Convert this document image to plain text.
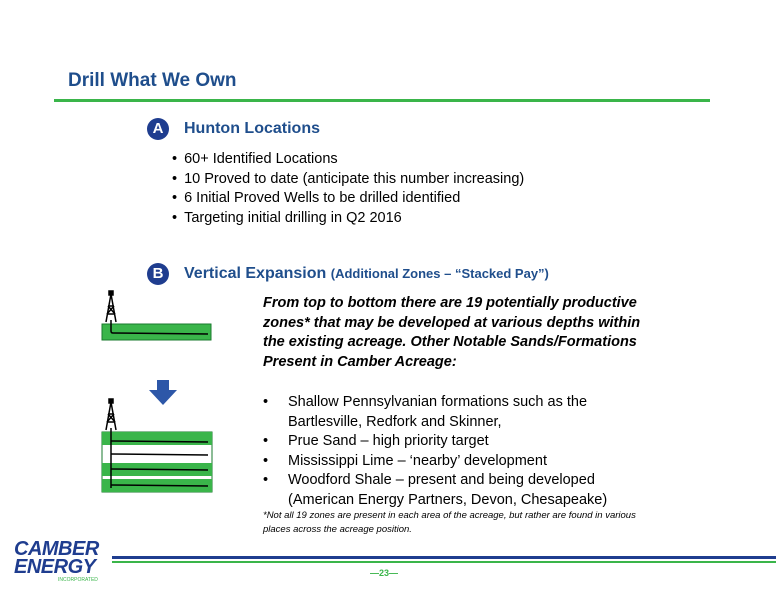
Drill What We Own
A	Hunton Locations
• 60+ Identified Locations
• 10 Proved to date (anticipate this number increasing)
• 6 Initial Proved Wells to be drilled identified
• Targeting initial drilling in Q2 2016
B	Vertical Expansion (Additional Zones – “Stacked Pay”)
From top to bottom there are 19 potentially productive zones* that may be developed at various depths within the existing acreage. Other Notable Sands/Formations Present in Camber Acreage:
• Shallow Pennsylvanian formations such as the Bartlesville, Redfork and Skinner,
• Prue Sand – high priority target
• Mississippi Lime – ‘nearby’ development
• Woodford Shale – present and being developed (American Energy Partners, Devon, Chesapeake)
*Not all 19 zones are present in each area of the acreage, but rather are found in various places across the acreage position.
—23—
CAMBER
ENERGY
INCORPORATED
